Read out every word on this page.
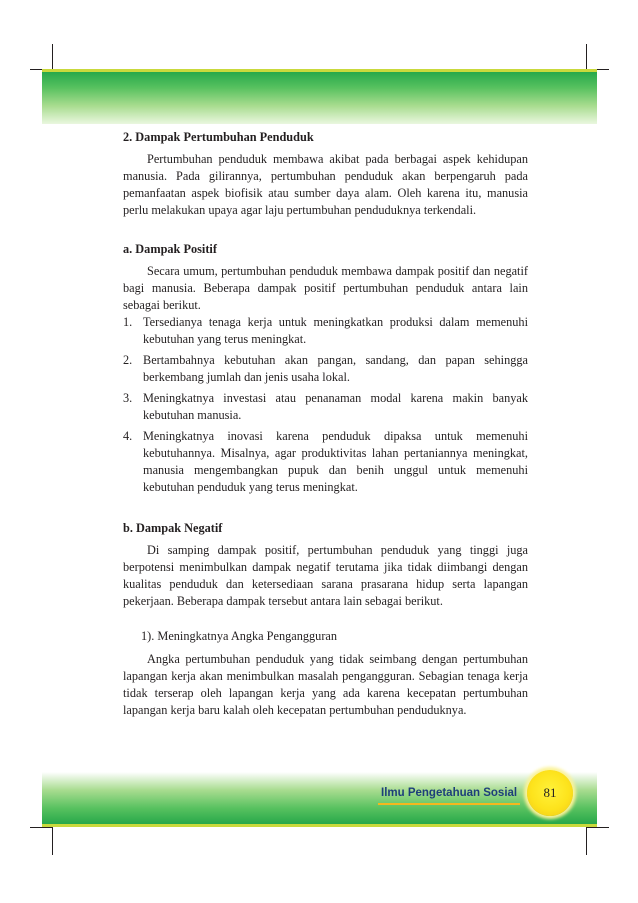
2. Dampak Pertumbuhan Penduduk

Pertumbuhan penduduk membawa akibat pada berbagai aspek kehidupan manusia. Pada gilirannya, pertumbuhan penduduk akan berpengaruh pada pemanfaatan aspek biofisik atau sumber daya alam. Oleh karena itu, manusia perlu melakukan upaya agar laju pertumbuhan penduduknya terkendali.

a. Dampak Positif

Secara umum, pertumbuhan penduduk membawa dampak positif dan negatif bagi manusia. Beberapa dampak positif pertumbuhan penduduk antara lain sebagai berikut.

1. Tersedianya tenaga kerja untuk meningkatkan produksi dalam memenuhi kebutuhan yang terus meningkat.
2. Bertambahnya kebutuhan akan pangan, sandang, dan papan sehingga berkembang jumlah dan jenis usaha lokal.
3. Meningkatnya investasi atau penanaman modal karena makin banyak kebutuhan manusia.
4. Meningkatnya inovasi karena penduduk dipaksa untuk memenuhi kebutuhannya. Misalnya, agar produktivitas lahan pertaniannya meningkat, manusia mengembangkan pupuk dan benih unggul untuk memenuhi kebutuhan penduduk yang terus meningkat.

b. Dampak Negatif

Di samping dampak positif, pertumbuhan penduduk yang tinggi juga berpotensi menimbulkan dampak negatif terutama jika tidak diimbangi dengan kualitas penduduk dan ketersediaan sarana prasarana hidup serta lapangan pekerjaan. Beberapa dampak tersebut antara lain sebagai berikut.

1). Meningkatnya Angka Pengangguran

Angka pertumbuhan penduduk yang tidak seimbang dengan pertumbuhan lapangan kerja akan menimbulkan masalah pengangguran. Sebagian tenaga kerja tidak terserap oleh lapangan kerja yang ada karena kecepatan pertumbuhan lapangan kerja baru kalah oleh kecepatan pertumbuhan penduduknya.

Ilmu Pengetahuan Sosial 81
